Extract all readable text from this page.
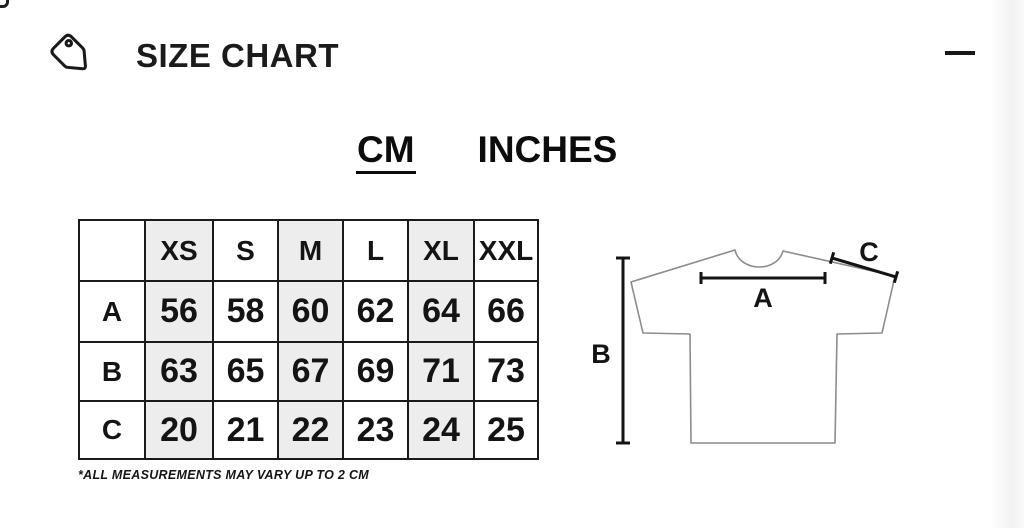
SIZE CHART
CM INCHES
	XS	S	M	L	XL	XXL
A	56	58	60	62	64	66
B	63	65	67	69	71	73
C	20	21	22	23	24	25
*ALL MEASUREMENTS MAY VARY UP TO 2 CM
A
B
C
